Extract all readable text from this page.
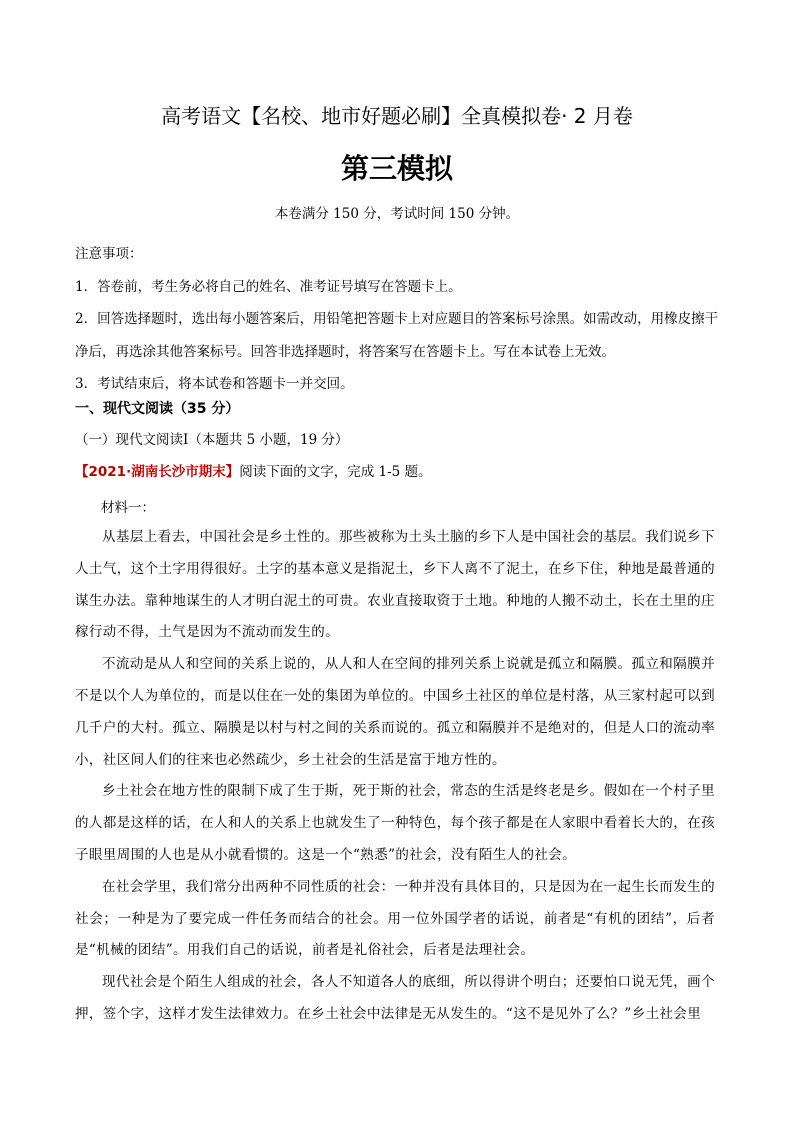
高考语文【名校、地市好题必刷】全真模拟卷· 2 月卷
第三模拟
本卷满分 150 分，考试时间 150 分钟。

注意事项：

1．答卷前，考生务必将自己的姓名、准考证号填写在答题卡上。

2．回答选择题时，选出每小题答案后，用铅笔把答题卡上对应题目的答案标号涂黑。如需改动，用橡皮擦干净后，再选涂其他答案标号。回答非选择题时，将答案写在答题卡上。写在本试卷上无效。

3．考试结束后，将本试卷和答题卡一并交回。

一、现代文阅读（35 分）
（一）现代文阅读Ⅰ（本题共 5 小题，19 分）
【2021·湖南长沙市期末】阅读下面的文字，完成 1-5 题。
材料一：

从基层上看去，中国社会是乡土性的。那些被称为土头土脑的乡下人是中国社会的基层。我们说乡下人土气，这个土字用得很好。土字的基本意义是指泥土，乡下人离不了泥土，在乡下住，种地是最普通的谋生办法。靠种地谋生的人才明白泥土的可贵。农业直接取资于土地。种地的人搬不动土，长在土里的庄稼行动不得，土气是因为不流动而发生的。

不流动是从人和空间的关系上说的，从人和人在空间的排列关系上说就是孤立和隔膜。孤立和隔膜并不是以个人为单位的，而是以住在一处的集团为单位的。中国乡土社区的单位是村落，从三家村起可以到几千户的大村。孤立、隔膜是以村与村之间的关系而说的。孤立和隔膜并不是绝对的，但是人口的流动率小，社区间人们的往来也必然疏少，乡土社会的生活是富于地方性的。

乡土社会在地方性的限制下成了生于斯，死于斯的社会，常态的生活是终老是乡。假如在一个村子里的人都是这样的话，在人和人的关系上也就发生了一种特色，每个孩子都是在人家眼中看着长大的，在孩子眼里周围的人也是从小就看惯的。这是一个“熟悉”的社会，没有陌生人的社会。

在社会学里，我们常分出两种不同性质的社会：一种并没有具体目的，只是因为在一起生长而发生的社会；一种是为了要完成一件任务而结合的社会。用一位外国学者的话说，前者是“有机的团结”，后者是“机械的团结”。用我们自己的话说，前者是礼俗社会，后者是法理社会。

现代社会是个陌生人组成的社会，各人不知道各人的底细，所以得讲个明白；还要怕口说无凭，画个押，签个字，这样才发生法律效力。在乡土社会中法律是无从发生的。“这不是见外了么？”乡土社会里
